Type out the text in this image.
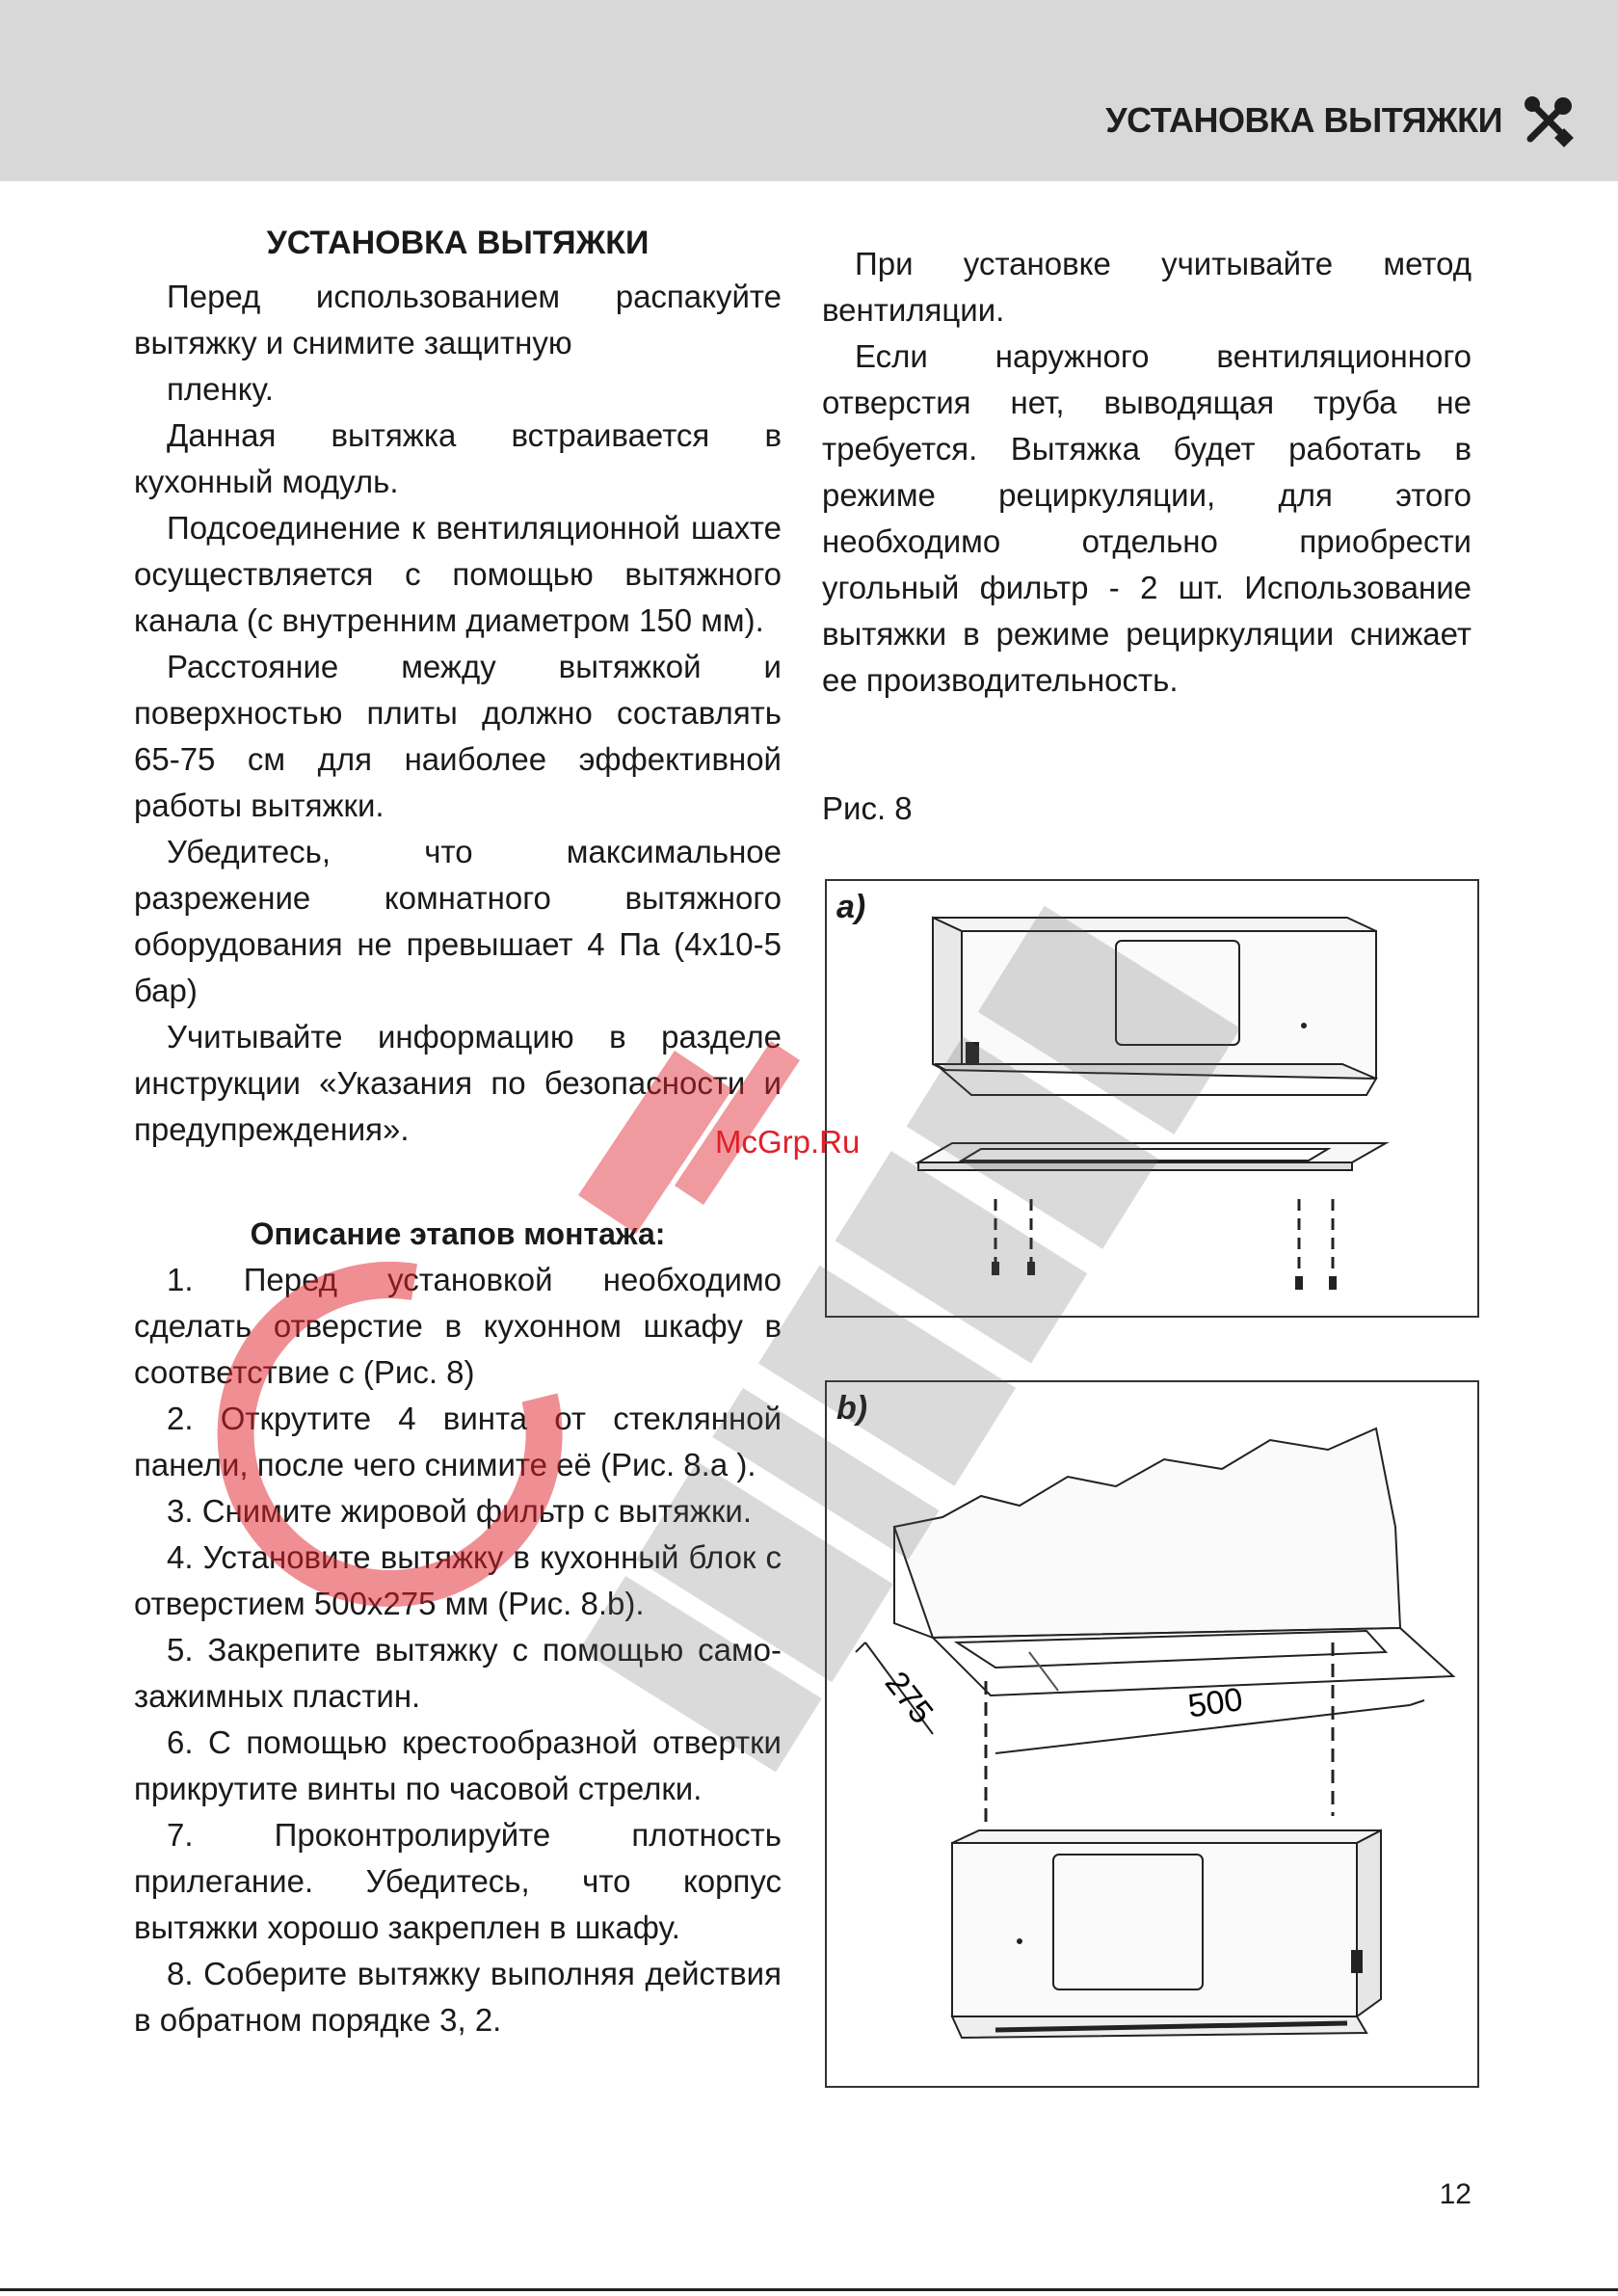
УСТАНОВКА ВЫТЯЖКИ
УСТАНОВКА ВЫТЯЖКИ

Перед использованием распакуйте вытяжку и снимите защитную

пленку.

Данная вытяжка встраивается в кухонный модуль.

Подсоединение к вентиляционной шахте осуществляется с помощью вытяжного канала (с внутренним диаметром 150 мм).

Расстояние между вытяжкой и поверхностью плиты должно составлять 65-75 см для наиболее эффективной работы вытяжки.

Убедитесь, что максимальное разрежение комнатного вытяжного оборудования не превышает 4 Па (4x10-5 бар)

Учитывайте информацию в разделе инструкции «Указания по безопасности и предупреждения».

Описание этапов монтажа:

1. Перед установкой необходимо сделать отверстие в кухонном шкафу в соответствие с (Рис. 8)

2. Открутите 4 винта от стеклянной панели, после чего снимите её (Рис. 8.a ).

3. Снимите жировой фильтр с вытяжки.

4. Установите вытяжку в кухонный блок с отверстием 500x275 мм (Рис. 8.b).

5. Закрепите вытяжку с помощью само-зажимных пластин.

6. С помощью крестообразной отвертки прикрутите винты по часовой стрелки.

7. Проконтролируйте плотность прилегание. Убедитесь, что корпус вытяжки хорошо закреплен в шкафу.

8. Соберите вытяжку выполняя действия в обратном порядке 3, 2.

При установке учитывайте метод вентиляции.

Если наружного вентиляционного отверстия нет, выводящая труба не требуется. Вытяжка будет работать в режиме рециркуляции, для этого необходимо отдельно приобрести угольный фильтр - 2 шт. Использование вытяжки в режиме рециркуляции снижает ее производительность.

Рис. 8
a)
275	500
b)
McGrp.Ru
12
